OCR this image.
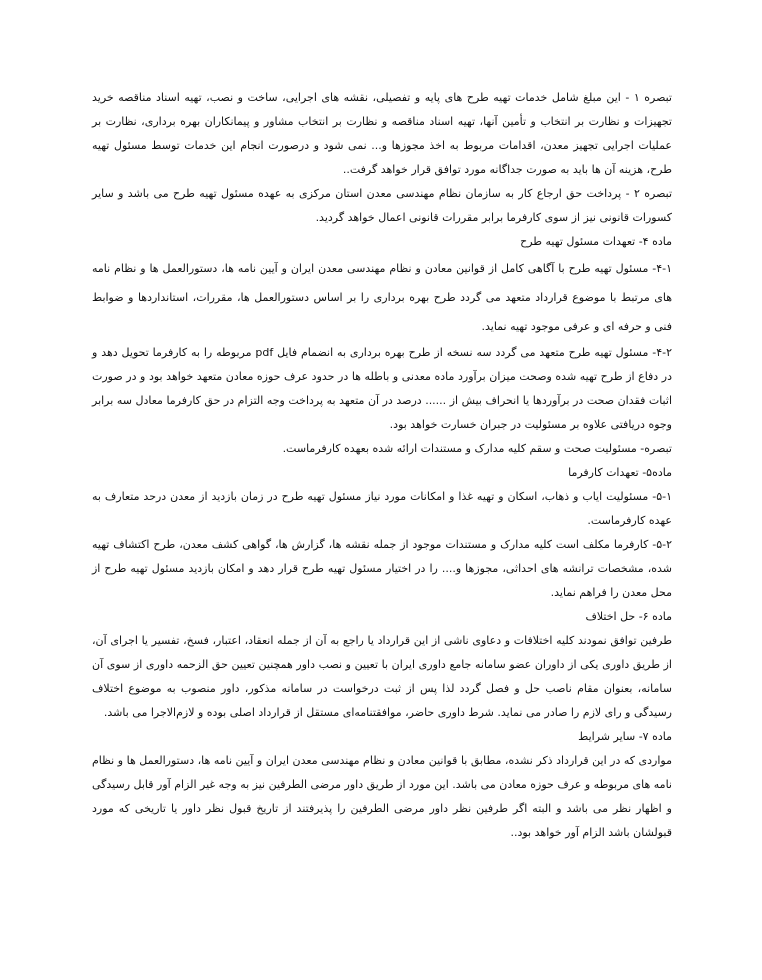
تبصره ۱ - این مبلغ شامل خدمات تهیه طرح های پایه و تفصیلی، نقشه های اجرایی، ساخت و نصب، تهیه اسناد مناقصه خرید تجهیزات و نظارت بر انتخاب و تأمین آنها، تهیه اسناد مناقصه و نظارت بر انتخاب مشاور و پیمانکاران بهره برداری، نظارت بر عملیات اجرایی تجهیز معدن، اقدامات مربوط به اخذ مجوزها و... نمی شود و درصورت انجام این خدمات توسط مسئول تهیه طرح، هزینه آن ها باید به صورت جداگانه مورد توافق قرار خواهد گرفت..

تبصره ۲ - پرداخت حق ارجاع کار به سازمان نظام مهندسی معدن استان مرکزی به عهده مسئول تهیه طرح می باشد و سایر کسورات قانونی نیز از سوی کارفرما برابر مقررات قانونی اعمال خواهد گردید.

ماده ۴- تعهدات مسئول تهیه طرح

۴-۱- مسئول تهیه طرح با آگاهی کامل از قوانین معادن و نظام مهندسی معدن ایران و آیین نامه ها، دستورالعمل ها و نظام نامه های مرتبط با موضوع قرارداد متعهد می گردد طرح بهره برداری را بر اساس دستورالعمل ها، مقررات، استانداردها و ضوابط فنی و حرفه ای و عرفی موجود تهیه نماید.

۴-۲- مسئول تهیه طرح متعهد می گردد سه نسخه از طرح بهره برداری به انضمام فایل pdf مربوطه را به کارفرما تحویل دهد و در دفاع از طرح تهیه شده وصحت میزان برآورد ماده معدنی و باطله ها در حدود عرف حوزه معادن متعهد خواهد بود و در صورت اثبات فقدان صحت در برآوردها یا انحراف بیش از ...... درصد در آن متعهد به پرداخت وجه التزام در حق کارفرما معادل سه برابر وجوه دریافتی علاوه بر مسئولیت در جبران خسارت خواهد بود.

تبصره- مسئولیت صحت و سقم کلیه مدارک و مستندات ارائه شده بعهده کارفرماست.

ماده۵- تعهدات کارفرما

۵-۱- مسئولیت ایاب و ذهاب، اسکان و تهیه غذا و امکانات مورد نیاز مسئول تهیه طرح در زمان بازدید از معدن درحد متعارف به عهده کارفرماست.

۵-۲- کارفرما مکلف است کلیه مدارک و مستندات موجود از جمله نقشه ها، گزارش ها، گواهی کشف معدن، طرح اکتشاف تهیه شده، مشخصات ترانشه های احداثی، مجوزها و.... را در اختیار مسئول تهیه طرح قرار دهد و امکان بازدید مسئول تهیه طرح از محل معدن را فراهم نماید.

ماده ۶- حل اختلاف

طرفین توافق نمودند کلیه اختلافات و دعاوی ناشی از این قرارداد یا راجع به آن از جمله انعقاد، اعتبار، فسخ، تفسیر یا اجرای آن، از طریق داوری یکی از داوران عضو سامانه جامع داوری ایران با تعیین و نصب داور همچنین تعیین حق الزحمه داوری از سوی آن سامانه، بعنوان مقام ناصب حل و فصل گردد لذا پس از ثبت درخواست در سامانه مذکور، داور منصوب به موضوع اختلاف رسیدگی و رای لازم را صادر می نماید. شرط داوری حاضر، موافقتنامه‌ای مستقل از قرارداد اصلی بوده و لازم‌الاجرا می باشد.

ماده ۷- سایر شرایط

مواردی که در این قرارداد ذکر نشده، مطابق با قوانین معادن و نظام مهندسی معدن ایران و آیین نامه ها، دستورالعمل ها و نظام نامه های مربوطه و عرف حوزه معادن می باشد. این مورد از طریق داور مرضی الطرفین نیز به وجه غیر الزام آور قابل رسیدگی و اظهار نظر می باشد و البته اگر طرفین نظر داور مرضی الطرفین را پذیرفتند از تاریخ قبول نظر داور یا تاریخی که مورد قبولشان باشد الزام آور خواهد بود..
